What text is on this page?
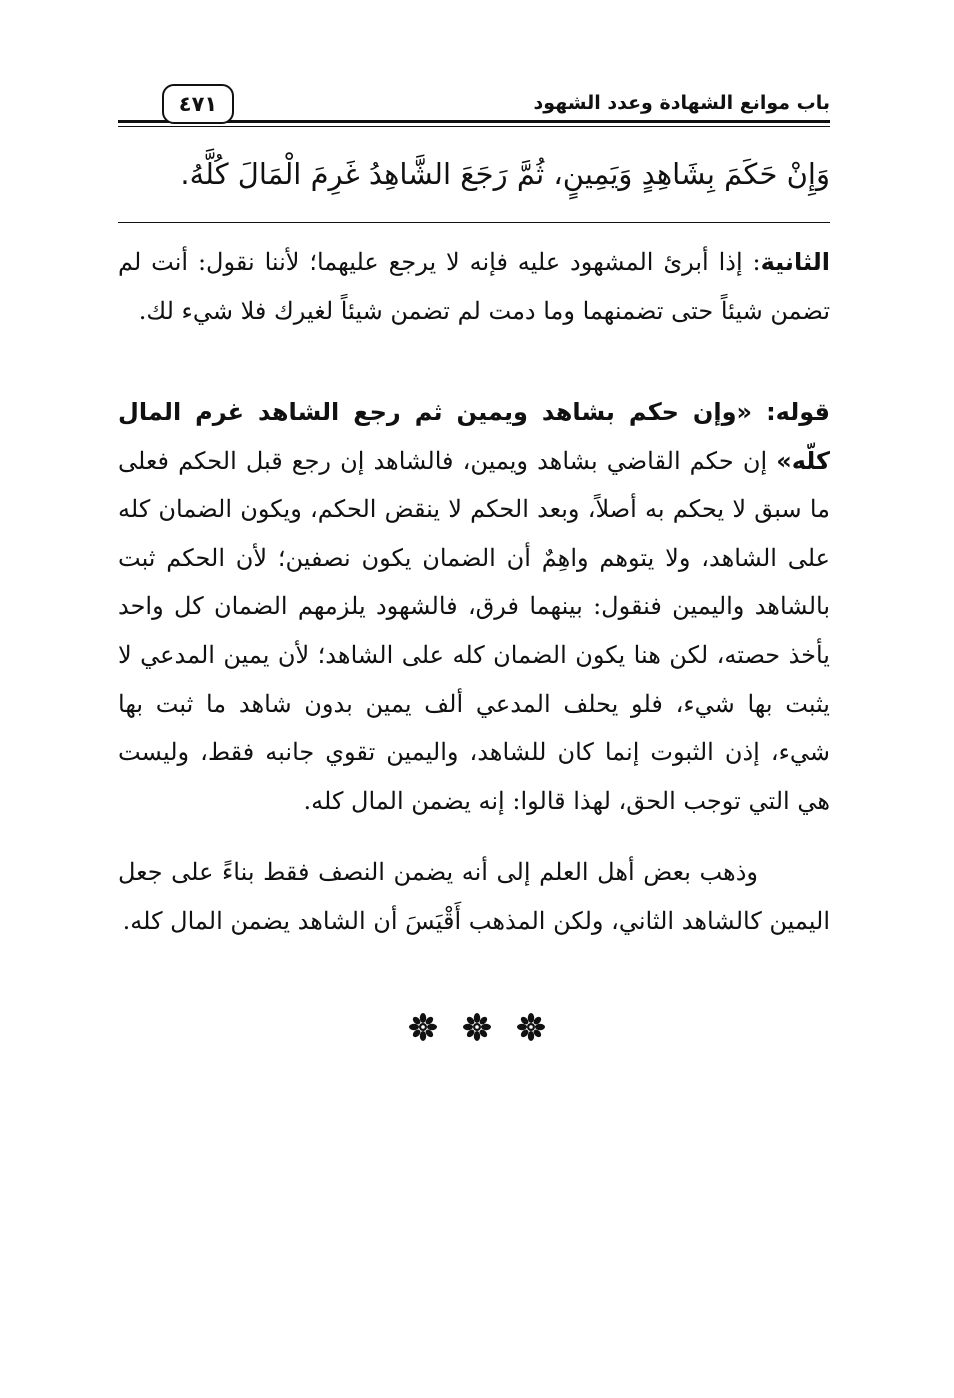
باب موانع الشهادة وعدد الشهود
٤٧١
وَإِنْ حَكَمَ بِشَاهِدٍ وَيَمِينٍ، ثُمَّ رَجَعَ الشَّاهِدُ غَرِمَ الْمَالَ كُلَّهُ.

الثانية: إذا أبرئ المشهود عليه فإنه لا يرجع عليهما؛ لأننا نقول: أنت لم تضمن شيئاً حتى تضمنهما وما دمت لم تضمن شيئاً لغيرك فلا شيء لك.

قوله: «وإن حكم بشاهد ويمين ثم رجع الشاهد غرم المال كلّه» إن حكم القاضي بشاهد ويمين، فالشاهد إن رجع قبل الحكم فعلى ما سبق لا يحكم به أصلاً، وبعد الحكم لا ينقض الحكم، ويكون الضمان كله على الشاهد، ولا يتوهم واهِمٌ أن الضمان يكون نصفين؛ لأن الحكم ثبت بالشاهد واليمين فنقول: بينهما فرق، فالشهود يلزمهم الضمان كل واحد يأخذ حصته، لكن هنا يكون الضمان كله على الشاهد؛ لأن يمين المدعي لا يثبت بها شيء، فلو يحلف المدعي ألف يمين بدون شاهد ما ثبت بها شيء، إذن الثبوت إنما كان للشاهد، واليمين تقوي جانبه فقط، وليست هي التي توجب الحق، لهذا قالوا: إنه يضمن المال كله.

وذهب بعض أهل العلم إلى أنه يضمن النصف فقط بناءً على جعل اليمين كالشاهد الثاني، ولكن المذهب أَقْيَسَ أن الشاهد يضمن المال كله.
